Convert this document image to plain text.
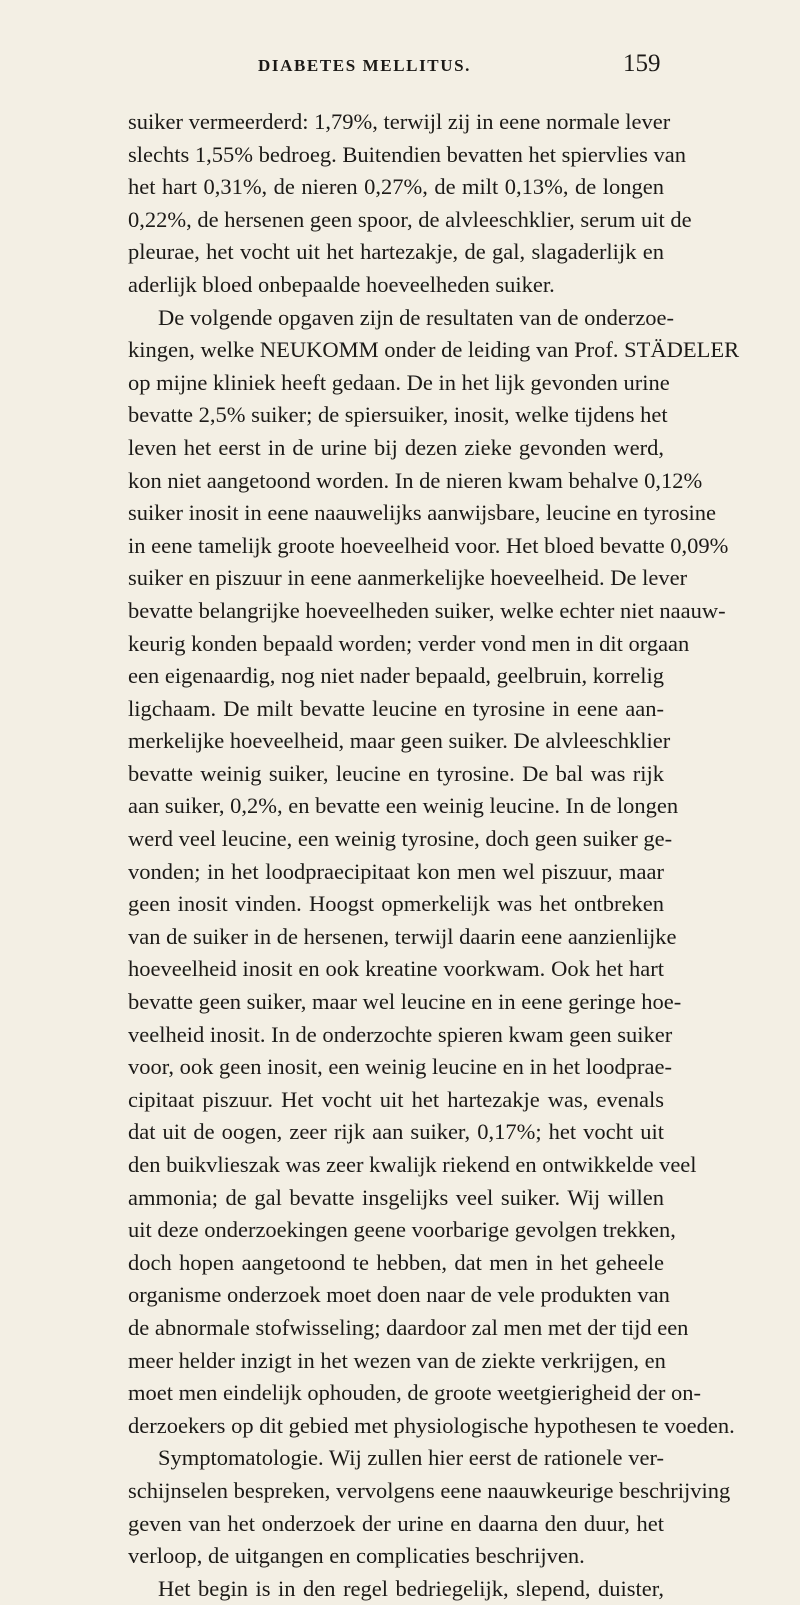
DIABETES MELLITUS.	159
suiker vermeerderd: 1,79%, terwijl zij in eene normale lever
slechts 1,55% bedroeg. Buitendien bevatten het spiervlies van
het hart 0,31%, de nieren 0,27%, de milt 0,13%, de longen
0,22%, de hersenen geen spoor, de alvleeschklier, serum uit de
pleurae, het vocht uit het hartezakje, de gal, slagaderlijk en
aderlijk bloed onbepaalde hoeveelheden suiker.
De volgende opgaven zijn de resultaten van de onderzoe-
kingen, welke NEUKOMM onder de leiding van Prof. STÄDELER
op mijne kliniek heeft gedaan. De in het lijk gevonden urine
bevatte 2,5% suiker; de spiersuiker, inosit, welke tijdens het
leven het eerst in de urine bij dezen zieke gevonden werd,
kon niet aangetoond worden. In de nieren kwam behalve 0,12%
suiker inosit in eene naauwelijks aanwijsbare, leucine en tyrosine
in eene tamelijk groote hoeveelheid voor. Het bloed bevatte 0,09%
suiker en piszuur in eene aanmerkelijke hoeveelheid. De lever
bevatte belangrijke hoeveelheden suiker, welke echter niet naauw-
keurig konden bepaald worden; verder vond men in dit orgaan
een eigenaardig, nog niet nader bepaald, geelbruin, korrelig
ligchaam. De milt bevatte leucine en tyrosine in eene aan-
merkelijke hoeveelheid, maar geen suiker. De alvleeschklier
bevatte weinig suiker, leucine en tyrosine. De bal was rijk
aan suiker, 0,2%, en bevatte een weinig leucine. In de longen
werd veel leucine, een weinig tyrosine, doch geen suiker ge-
vonden; in het loodpraecipitaat kon men wel piszuur, maar
geen inosit vinden. Hoogst opmerkelijk was het ontbreken
van de suiker in de hersenen, terwijl daarin eene aanzienlijke
hoeveelheid inosit en ook kreatine voorkwam. Ook het hart
bevatte geen suiker, maar wel leucine en in eene geringe hoe-
veelheid inosit. In de onderzochte spieren kwam geen suiker
voor, ook geen inosit, een weinig leucine en in het loodprae-
cipitaat piszuur. Het vocht uit het hartezakje was, evenals
dat uit de oogen, zeer rijk aan suiker, 0,17%; het vocht uit
den buikvlieszak was zeer kwalijk riekend en ontwikkelde veel
ammonia; de gal bevatte insgelijks veel suiker. Wij willen
uit deze onderzoekingen geene voorbarige gevolgen trekken,
doch hopen aangetoond te hebben, dat men in het geheele
organisme onderzoek moet doen naar de vele produkten van
de abnormale stofwisseling; daardoor zal men met der tijd een
meer helder inzigt in het wezen van de ziekte verkrijgen, en
moet men eindelijk ophouden, de groote weetgierigheid der on-
derzoekers op dit gebied met physiologische hypothesen te voeden.
Symptomatologie. Wij zullen hier eerst de rationele ver-
schijnselen bespreken, vervolgens eene naauwkeurige beschrijving
geven van het onderzoek der urine en daarna den duur, het
verloop, de uitgangen en complicaties beschrijven.
Het begin is in den regel bedriegelijk, slepend, duister,
